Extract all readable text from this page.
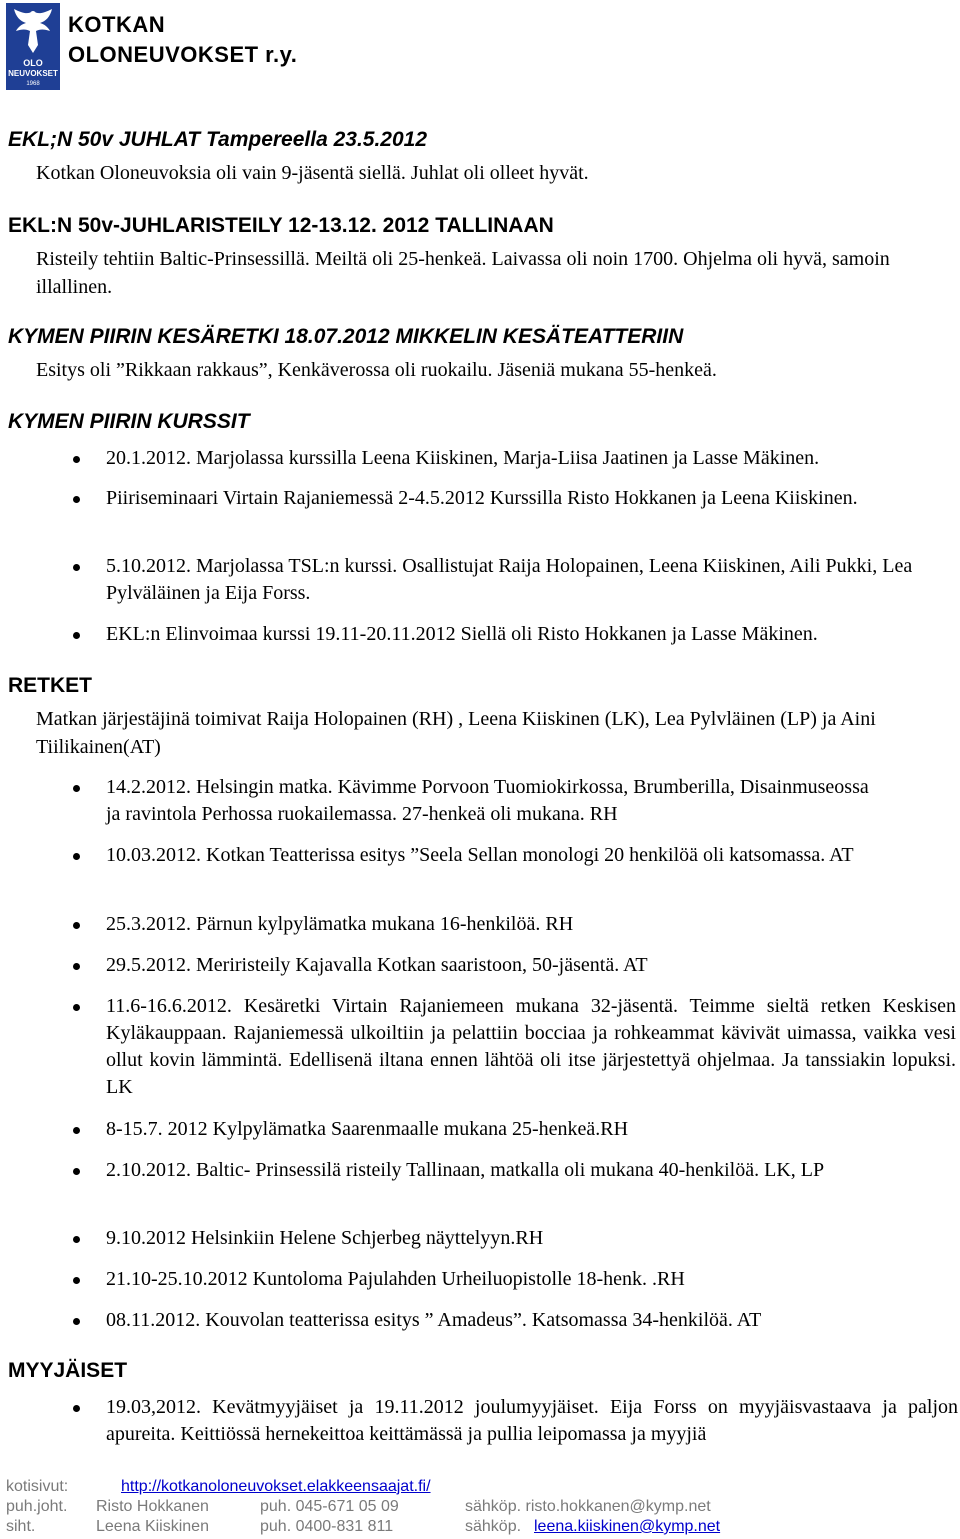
OLO
NEUVOKSET
1968
KOTKAN
OLONEUVOKSET r.y.
EKL;N 50v JUHLAT Tampereella 23.5.2012

Kotkan Oloneuvoksia oli vain 9-jäsentä siellä. Juhlat oli olleet hyvät.

EKL:N 50v-JUHLARISTEILY 12-13.12. 2012 TALLINAAN

Risteily tehtiin Baltic-Prinsessillä. Meiltä oli 25-henkeä. Laivassa oli noin 1700. Ohjelma oli hyvä, samoin illallinen.

KYMEN PIIRIN KESÄRETKI 18.07.2012 MIKKELIN KESÄTEATTERIIN

Esitys oli ”Rikkaan rakkaus”, Kenkäverossa oli ruokailu. Jäseniä mukana 55-henkeä.

KYMEN PIIRIN KURSSIT
20.1.2012. Marjolassa kurssilla Leena Kiiskinen, Marja-Liisa Jaatinen ja Lasse Mäkinen.
Piiriseminaari Virtain Rajaniemessä 2-4.5.2012 Kurssilla Risto Hokkanen ja Leena Kiiskinen.
5.10.2012. Marjolassa TSL:n kurssi. Osallistujat Raija Holopainen, Leena Kiiskinen, Aili Pukki, Lea Pylväläinen ja Eija Forss.
EKL:n Elinvoimaa kurssi 19.11-20.11.2012 Siellä oli Risto Hokkanen ja Lasse Mäkinen.
RETKET

Matkan järjestäjinä toimivat Raija Holopainen (RH) , Leena Kiiskinen (LK), Lea Pylvläinen (LP) ja Aini Tiilikainen(AT)

14.2.2012. Helsingin matka. Kävimme Porvoon Tuomiokirkossa, Brumberilla, Disainmuseossa ja ravintola Perhossa ruokailemassa. 27-henkeä oli mukana. RH
10.03.2012. Kotkan Teatterissa esitys ”Seela Sellan monologi 20 henkilöä oli katsomassa. AT
25.3.2012. Pärnun kylpylämatka mukana 16-henkilöä. RH
29.5.2012. Meriristeily Kajavalla Kotkan saaristoon, 50-jäsentä. AT
11.6-16.6.2012. Kesäretki Virtain Rajaniemeen mukana 32-jäsentä. Teimme sieltä retken Keskisen Kyläkauppaan. Rajaniemessä ulkoiltiin ja pelattiin bocciaa ja rohkeammat kävivät uimassa, vaikka vesi ollut kovin lämmintä. Edellisenä iltana ennen lähtöä oli itse järjestettyä ohjelmaa. Ja tanssiakin lopuksi. LK
8-15.7. 2012 Kylpylämatka Saarenmaalle mukana 25-henkeä.RH
2.10.2012. Baltic- Prinsessilä risteily Tallinaan, matkalla oli mukana 40-henkilöä. LK, LP
9.10.2012 Helsinkiin Helene Schjerbeg näyttelyyn.RH
21.10-25.10.2012 Kuntoloma Pajulahden Urheiluopistolle 18-henk. .RH
08.11.2012. Kouvolan teatterissa esitys ” Amadeus”. Katsomassa 34-henkilöä. AT
MYYJÄISET
19.03,2012. Kevätmyyjäiset ja 19.11.2012 joulumyyjäiset. Eija Forss on myyjäisvastaava ja paljon apureita. Keittiössä hernekeittoa keittämässä ja pullia leipomassa ja myyjiä
kotisivut:	http://kotkanoloneuvokset.elakkeensaajat.fi/
puh.joht. Risto Hokkanen	puh. 045-671 05 09	sähköp. risto.hokkanen@kymp.net
siht.	Leena Kiiskinen	puh. 0400-831 811	sähköp. leena.kiiskinen@kymp.net
